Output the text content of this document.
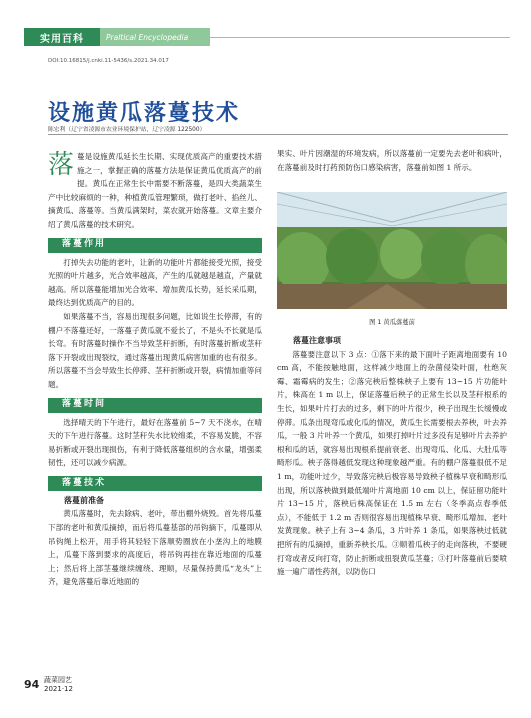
实用百科	Praltical Encyclopedia
DOI:10.16815/j.cnki.11-5436/s.2021.34.017
设施黄瓜落蔓技术
陈宏利（辽宁省凌源市农业环境保护站，辽宁凌源 122500）

落蔓是设施黄瓜延长生长期、实现优质高产的重要技术措施之一，掌握正确的落蔓方法是保证黄瓜优质高产的前提。黄瓜在正常生长中需要不断落蔓，是四大类蔬菜生产中比较麻烦的一种，种植黄瓜管理繁琐，做打老叶、掐丝儿、摘黄瓜、落蔓等。当黄瓜满架时，菜农就开始落蔓。文章主要介绍了黄瓜落蔓的技术研究。

落蔓作用

打掉失去功能的老叶，让新的功能叶片都能接受光照，接受光照的叶片越多，光合效率越高，产生的瓜就越是越直，产量就越高。所以落蔓能增加光合效率、增加黄瓜长势，延长采瓜期，最终达到优质高产的目的。

如果落蔓不当，容易出现很多问题，比如说生长停滞，有的棚户不落蔓还好，一落蔓子黄瓜就不爱长了，不是头不长就是瓜长弯。有时落蔓时操作不当导致茎秆折断，有时落蔓折断或茎秆落下开裂或出现裂纹，通过落蔓出现黄瓜病害加重的也有很多。所以落蔓不当会导致生长停滞、茎秆折断或开裂，病情加重等问题。

落蔓时间

选择晴天的下午进行，最好在落蔓前 5~7 天不浇水，在晴天的下午进行落蔓。这时茎秆失水比较绵柔，不容易发脆，不容易折断或开裂出现损伤，有利于降低落蔓组织的含水量，增强柔韧性，还可以减少病源。

落蔓技术

落蔓前准备

黄瓜落蔓时，先去除病、老叶，带出棚外烧毁。首先将瓜蔓下部的老叶和黄瓜摘掉，而后将瓜蔓基部的吊钩摘下，瓜蔓即从吊钩绳上松开，用手将其轻轻下落顺势圈放在小垄沟上的地膜上，瓜蔓下落到要求的高度后，将吊钩再挂在靠近地面的瓜蔓上；然后将上部茎蔓继续缠绕、理顺，尽量保持黄瓜“龙头”上齐，避免落蔓后靠近地面的

果实、叶片因潮湿的环境发病，所以落蔓前一定要先去老叶和病叶，在落蔓前及时打药预防伤口感染病害，落蔓前如图 1 所示。

图 1 黄瓜落蔓前

落蔓注意事项

落蔓要注意以下 3 点：①落下来的最下面叶子距离地面要有 10 cm 高，不能按触地面，这样减少地面上的杂菌侵染叶面，杜绝灰霉、霜霉病的发生；②落完秧后整株秧子上要有 13~15 片功能叶片，株高在 1 m 以上，保证落蔓后秧子的正常生长以及茎秆根系的生长，如果叶片打去的过多，剩下的叶片很少，秧子出现生长缓慢或停滞。瓜条出现弯瓜或化瓜的情况，黄瓜生长需要根去养秧，叶去养瓜，一般 3 片叶养一个黄瓜，如果打掉叶片过多没有足够叶片去养护根和瓜的话，就容易出现根系提前衰老、出现弯瓜、化瓜、大肚瓜等畸形瓜。秧子落得越低发现这种现象越严重。有的棚户落蔓很低不足 1 m，功能叶过少，导致落完秧后极容易导致秧子植株早衰和畸形瓜出现，所以落秧做到最低端叶片离地面 10 cm 以上，保证留功能叶片 13~15 片，落秧后株高保证在 1.5 m 左右（冬季高点春季低点），不能低于 1.2 m 否则很容易出现植株早衰、畸形瓜增加、老叶发黄现象。秧子上有 3~4 条瓜，3 片叶养 1 条瓜，如果落秧过低就把所有的瓜摘掉，重新养秧长瓜。③顺着瓜秧子的走向落秧，不要硬打弯或者反向打弯，防止折断或扭裂黄瓜茎蔓；③打叶落蔓前后要喷施一遍广谱性药剂，以防伤口

94 蔬菜园艺
2021·12
